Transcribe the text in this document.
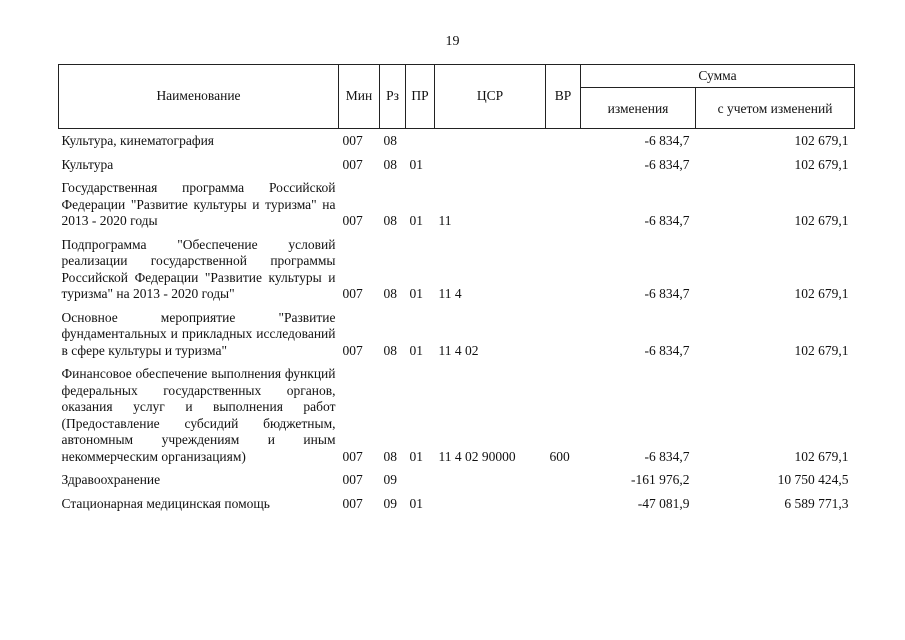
19
Наименование	Мин	Рз	ПР	ЦСР	ВР	Сумма	
						изменения	с учетом изменений
Культура, кинематография	007	08				-6 834,7	102 679,1
Культура	007	08	01			-6 834,7	102 679,1
Государственная программа Российской Федерации "Развитие культуры и туризма" на 2013 - 2020 годы	007	08	01	11		-6 834,7	102 679,1
Подпрограмма "Обеспечение условий реализации государственной программы Российской Федерации "Развитие культуры и туризма" на 2013 - 2020 годы"	007	08	01	11 4		-6 834,7	102 679,1
Основное мероприятие "Развитие фундаментальных и прикладных исследований в сфере культуры и туризма"	007	08	01	11 4 02		-6 834,7	102 679,1
Финансовое обеспечение выполнения функций федеральных государственных органов, оказания услуг и выполнения работ (Предоставление субсидий бюджетным, автономным учреждениям и иным некоммерческим организациям)	007	08	01	11 4 02 90000	600	-6 834,7	102 679,1
Здравоохранение	007	09				-161 976,2	10 750 424,5
Стационарная медицинская помощь	007	09	01			-47 081,9	6 589 771,3
